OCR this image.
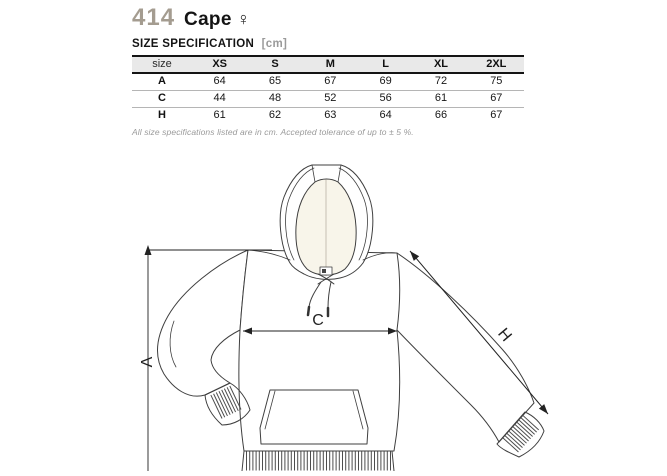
414 Cape ♀
SIZE SPECIFICATION [cm]
size	XS	S	M	L	XL	2XL
A	64	65	67	69	72	75
C	44	48	52	56	61	67
H	61	62	63	64	66	67
All size specifications listed are in cm. Accepted tolerance of up to ± 5 %.
A
C
H
